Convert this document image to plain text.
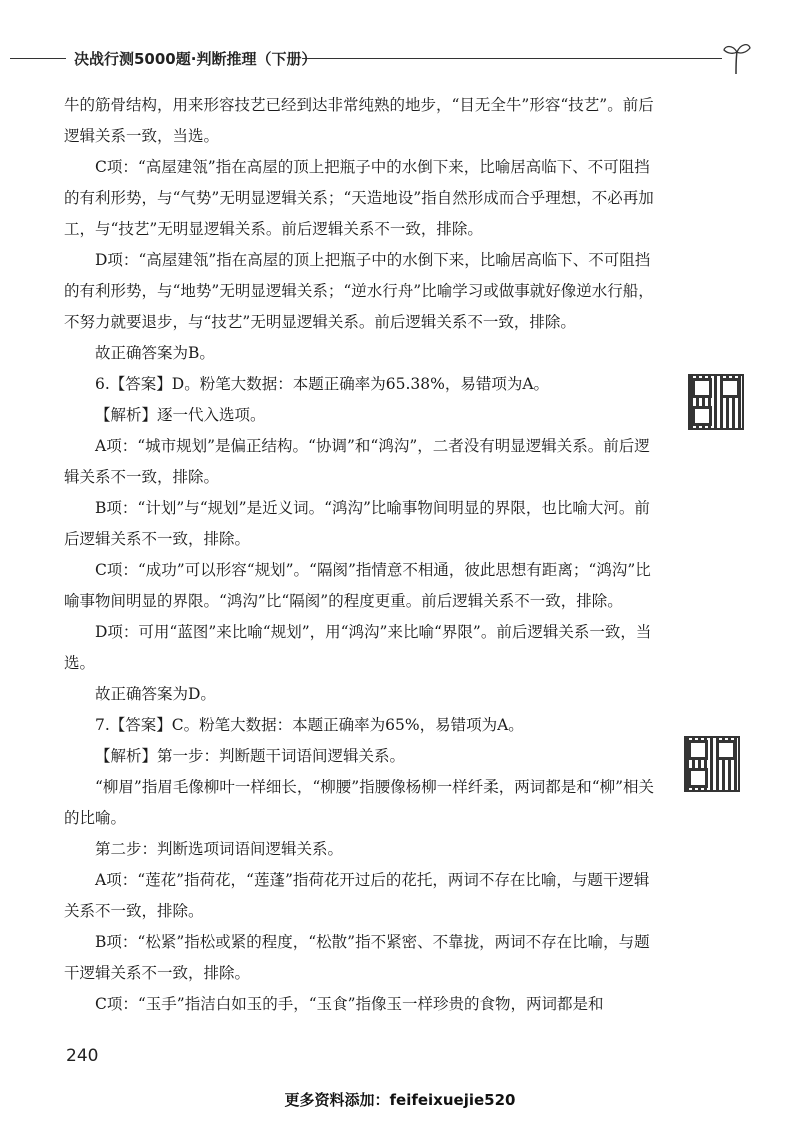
决战行测5000题·判断推理（下册）

牛的筋骨结构，用来形容技艺已经到达非常纯熟的地步，“目无全牛”形容“技艺”。前后逻辑关系一致，当选。

C项：“高屋建瓴”指在高屋的顶上把瓶子中的水倒下来，比喻居高临下、不可阻挡的有利形势，与“气势”无明显逻辑关系；“天造地设”指自然形成而合乎理想，不必再加工，与“技艺”无明显逻辑关系。前后逻辑关系不一致，排除。

D项：“高屋建瓴”指在高屋的顶上把瓶子中的水倒下来，比喻居高临下、不可阻挡的有利形势，与“地势”无明显逻辑关系；“逆水行舟”比喻学习或做事就好像逆水行船，不努力就要退步，与“技艺”无明显逻辑关系。前后逻辑关系不一致，排除。

故正确答案为B。

6.【答案】D。粉笔大数据：本题正确率为65.38%，易错项为A。

【解析】逐一代入选项。

A项：“城市规划”是偏正结构。“协调”和“鸿沟”，二者没有明显逻辑关系。前后逻辑关系不一致，排除。

B项：“计划”与“规划”是近义词。“鸿沟”比喻事物间明显的界限，也比喻大河。前后逻辑关系不一致，排除。

C项：“成功”可以形容“规划”。“隔阂”指情意不相通，彼此思想有距离；“鸿沟”比喻事物间明显的界限。“鸿沟”比“隔阂”的程度更重。前后逻辑关系不一致，排除。

D项：可用“蓝图”来比喻“规划”，用“鸿沟”来比喻“界限”。前后逻辑关系一致，当选。

故正确答案为D。

7.【答案】C。粉笔大数据：本题正确率为65%，易错项为A。

【解析】第一步：判断题干词语间逻辑关系。

“柳眉”指眉毛像柳叶一样细长，“柳腰”指腰像杨柳一样纤柔，两词都是和“柳”相关的比喻。

第二步：判断选项词语间逻辑关系。

A项：“莲花”指荷花，“莲蓬”指荷花开过后的花托，两词不存在比喻，与题干逻辑关系不一致，排除。

B项：“松紧”指松或紧的程度，“松散”指不紧密、不靠拢，两词不存在比喻，与题干逻辑关系不一致，排除。

C项：“玉手”指洁白如玉的手，“玉食”指像玉一样珍贵的食物，两词都是和

240
更多资料添加：feifeixuejie520
